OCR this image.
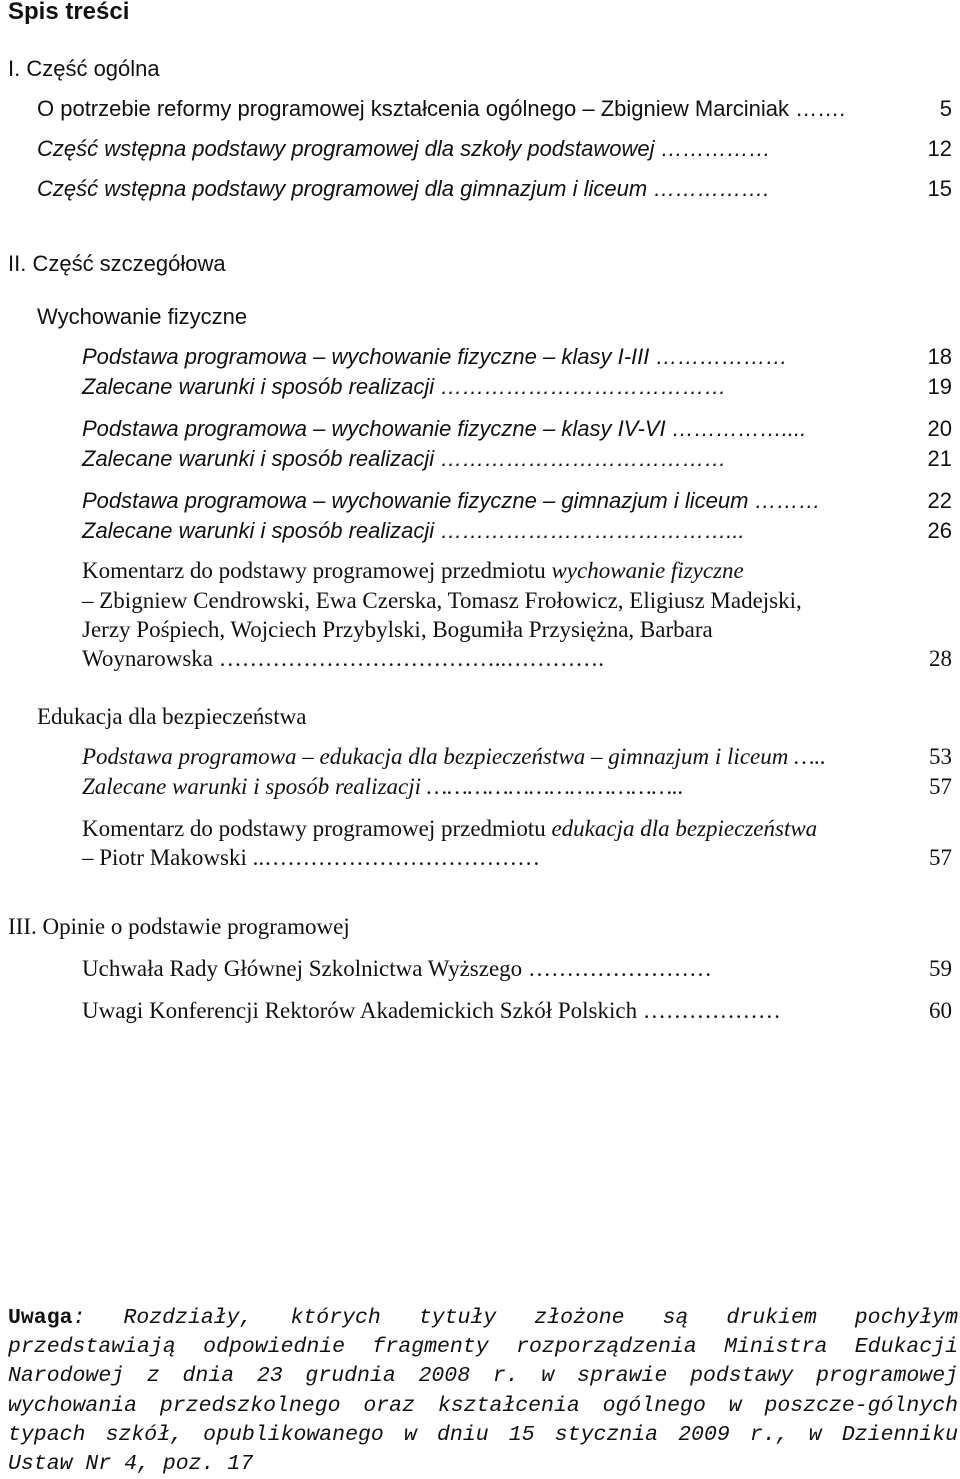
Spis treści
I. Część ogólna
O potrzebie reformy programowej kształcenia ogólnego – Zbigniew Marciniak …….	5
Część wstępna podstawy programowej dla szkoły podstawowej ……………	12
Część wstępna podstawy programowej dla gimnazjum i liceum …………….	15
II. Część szczegółowa
Wychowanie fizyczne
Podstawa programowa – wychowanie fizyczne – klasy I-III ………………	18
Zalecane warunki i sposób realizacji …………………………………	19
Podstawa programowa – wychowanie fizyczne – klasy IV-VI ……………....	20
Zalecane warunki i sposób realizacji …………………………………	21
Podstawa programowa – wychowanie fizyczne – gimnazjum i liceum ………	22
Zalecane warunki i sposób realizacji …………………………………...	26
Komentarz do podstawy programowej przedmiotu wychowanie fizyczne
– Zbigniew Cendrowski, Ewa Czerska, Tomasz Frołowicz, Eligiusz Madejski,
Jerzy Pośpiech, Wojciech Przybylski, Bogumiła Przysiężna, Barbara
Woynarowska ………………………………..………….	28
Edukacja dla bezpieczeństwa
Podstawa programowa – edukacja dla bezpieczeństwa – gimnazjum i liceum …..	53
Zalecane warunki i sposób realizacji ………………………………..	57
Komentarz do podstawy programowej przedmiotu edukacja dla bezpieczeństwa
– Piotr Makowski ..………………………………	57
III. Opinie o podstawie programowej
Uchwała Rady Głównej Szkolnictwa Wyższego ……………………	59
Uwagi Konferencji Rektorów Akademickich Szkół Polskich ………………	60
Uwaga: Rozdziały, których tytuły złożone są drukiem pochyłym przedstawiają odpowiednie fragmenty rozporządzenia Ministra Edukacji Narodowej z dnia 23 grudnia 2008 r. w sprawie podstawy programowej wychowania przedszkolnego oraz kształcenia ogólnego w poszcze-gólnych typach szkół, opublikowanego w dniu 15 stycznia 2009 r., w Dzienniku Ustaw Nr 4, poz. 17
